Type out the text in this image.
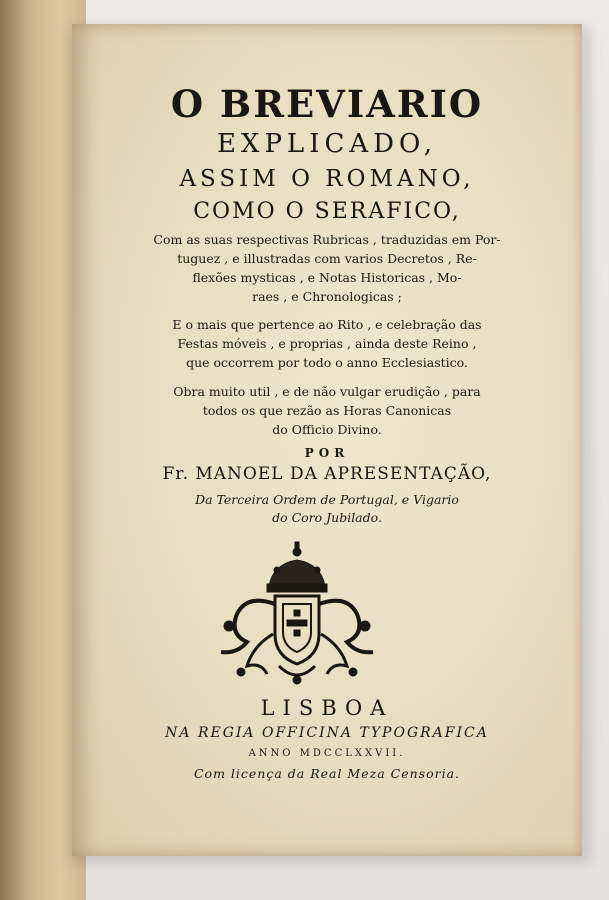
O BREVIARIO
EXPLICADO,
ASSIM O ROMANO,
COMO O SERAFICO,
Com as suas respectivas Rubricas , traduzidas em Por-
tuguez , e illustradas com varios Decretos , Re-
flexões mysticas , e Notas Historicas , Mo-
raes , e Chronologicas ;
E o mais que pertence ao Rito , e celebração das
Festas móveis , e proprias , ainda deste Reino ,
que occorrem por todo o anno Ecclesiastico.
Obra muito util , e de não vulgar erudição , para
todos os que rezão as Horas Canonicas
do Officio Divino.
POR
Fr. MANOEL DA APRESENTAÇÃO,
Da Terceira Ordem de Portugal, e Vigario
do Coro Jubilado.
LISBOA
NA REGIA OFFICINA TYPOGRAFICA
ANNO MDCCLXXVII.
Com licença da Real Meza Censoria.
